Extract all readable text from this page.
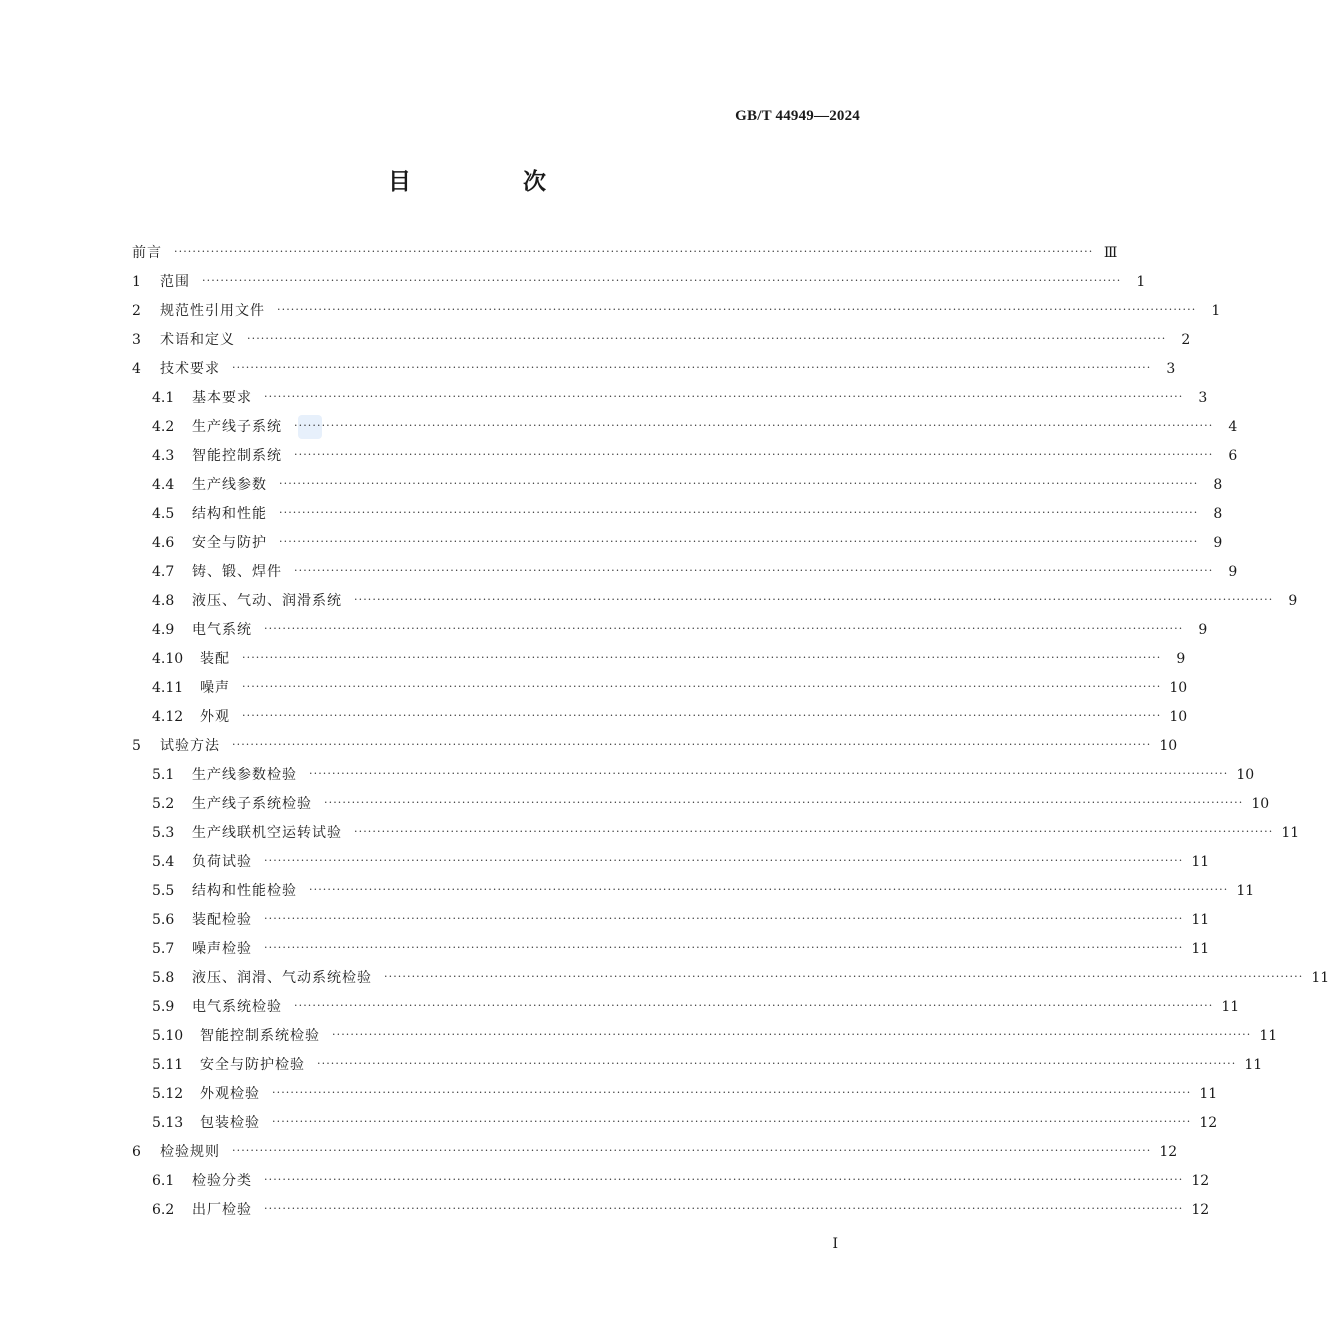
GB/T 44949—2024
目 次
前言 ········································································································································································································ Ⅲ
1	范围 ········································································································································································································	1
2	规范性引用文件 ········································································································································································································	1
3	术语和定义 ········································································································································································································	2
4	技术要求 ········································································································································································································	3
4.1	基本要求 ········································································································································································································	3
4.2	生产线子系统 ········································································································································································································	4
4.3	智能控制系统 ········································································································································································································	6
4.4	生产线参数 ········································································································································································································	8
4.5	结构和性能 ········································································································································································································	8
4.6	安全与防护 ········································································································································································································	9
4.7	铸、锻、焊件 ········································································································································································································	9
4.8	液压、气动、润滑系统 ········································································································································································································	9
4.9	电气系统 ········································································································································································································	9
4.10	装配 ········································································································································································································	9
4.11	噪声 ········································································································································································································ 10
4.12	外观 ········································································································································································································ 10
5	试验方法 ········································································································································································································ 10
5.1	生产线参数检验 ········································································································································································································ 10
5.2	生产线子系统检验 ········································································································································································································ 10
5.3	生产线联机空运转试验 ········································································································································································································ 11
5.4	负荷试验 ········································································································································································································ 11
5.5	结构和性能检验 ········································································································································································································ 11
5.6	装配检验 ········································································································································································································ 11
5.7	噪声检验 ········································································································································································································ 11
5.8	液压、润滑、气动系统检验 ········································································································································································································ 11
5.9	电气系统检验 ········································································································································································································ 11
5.10	智能控制系统检验 ········································································································································································································ 11
5.11	安全与防护检验 ········································································································································································································ 11
5.12	外观检验 ········································································································································································································ 11
5.13	包装检验 ········································································································································································································ 12
6	检验规则 ········································································································································································································ 12
6.1	检验分类 ········································································································································································································ 12
6.2	出厂检验 ········································································································································································································ 12
Ⅰ
